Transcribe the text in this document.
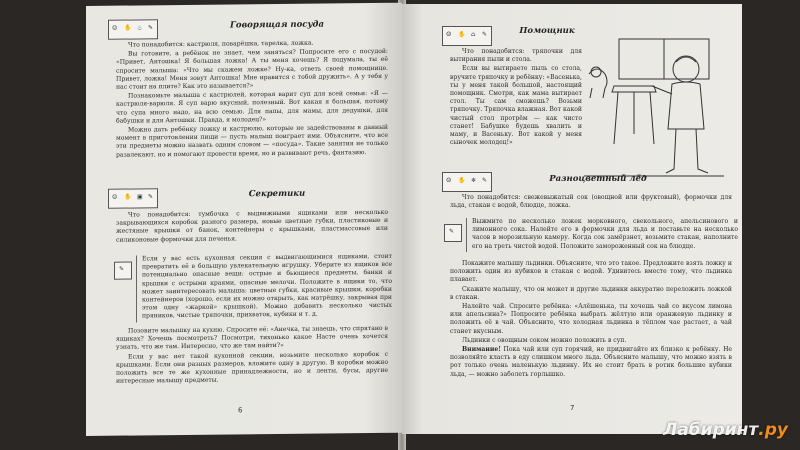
☺ ✋ ♨ ✎	Говорящая посуда

Что понадобится: кастрюля, поварёшка, тарелка, ложка.

Вы готовите, а ребёнок не знает, чем заняться? Попросите его с посудой: «Привет, Антошка! Я большая ложка! А ты меня хочешь? Я подумала, ты её спросите малыша: «Что мы скажем ложке? Ну-ка, ответь своей помощнице. Привет, ложка! Меня зовут Антошка! Мне нравится с тобой дружить». А у тебя у нас стоит на плите? Как это называется?»

Познакомьте малыша с кастрюлей, которая варит суп для всей семьи: «Я — кастрюля-варюля. Я суп варю вкусный, полезный. Вот какая я большая, потому что супа много надо, на всю семью. Для папы, для мамы, для дедушки, для бабушки и для Антошки. Правда, я молодец?»

Можно дать ребёнку ложку и кастрюлю, которые не задействованы в данный момент в приготовлении пищи — пусть малыш поиграет ими. Объясните, что все эти предметы можно назвать одним словом — «посуда». Такие занятия не только развлекают, но и помогают провести время, но и развивают речь, фантазию.

☺ ✋ ▣ ✎	Секретики

Что понадобится: тумбочка с выдвижными ящиками или несколько закрывающихся коробок разного размера, новые цветные губки, пластиковые и жестяные крышки от банок, контейнеры с крышками, пластмассовые или силиконовые формочки для печенья.

✎

Если у вас есть кухонная секция с выдвигающимися ящиками, стоит превратить её в большую увлекательную игрушку. Уберите из ящиков все потенциально опасные вещи: острые и бьющиеся предметы, банки и крышки с острыми краями, опасные мелочи. Положите в ящики то, что может заинтересовать малыша: цветные губки, красивые крышки, коробки контейнеров (хорошо, если их можно открыть, как матрёшку, закрывая при этом одну «жаркой» крышкой). Можно добавить несколько чистых пряников, чистые тряпочки, прихваток, кубики и т. д.

Позовите малышку на кухню. Спросите её: «Анечка, ты знаешь, что спрятано в ящиках? Хочешь посмотреть? Посмотри, тихонько какое Насте очень хочется узнать, что же там. Интересно, что же там найти?»

Если у вас нет такой кухонной секции, возьмите несколько коробок с крышками. Если они разных размеров, вложите одну в другую. В коробки можно положить все те же кухонные принадлежности, но и ленты, бусы, другие интересные малышу предметы.

6
☺ ✋ ⌂ ✎	Помощник

Что понадобится: тряпочки для вытирания пыли и стола.

Если вы вытираете пыль со стола, вручите тряпочку и ребёнку: «Васенька, ты у меня такой большой, настоящий помощник. Смотри, как мама вытирает стол. Ты сам сможешь? Возьми тряпочку. Тряпочка влажная. Вот какой чистый стол протрём — как чисто станет! Бабушке будешь хвалить и маму, и Васеньку. Вот какой у меня сыночек молодец!»

☺ ✋ ❄ ✎	Разноцветный лёд

Что понадобится: свежевыжатый сок (овощной или фруктовый), формочки для льда, стакан с водой, блюдце, ложка.

✎

Выжмите по несколько ложек морковного, свекольного, апельсинового и лимонного сока. Налейте его в формочки для льда и поставьте на несколько часов в морозильную камеру. Когда сок замёрзнет, возьмите стакан, наполните его на треть чистой водой. Положите замороженный сок на блюдце.

Покажите малышу льдинки. Объясните, что это такое. Предложите взять ложку и положить один из кубиков в стакан с водой. Удивитесь вместе тому, что льдинка плавает.

Скажите малышу, что он может и другие льдинки аккуратно переложить ложкой в стакан.

Налейте чай. Спросите ребёнка: «Алёшенька, ты хочешь чай со вкусом лимона или апельсина?» Попросите ребёнка выбрать жёлтую или оранжевую льдинку и положить её в чай. Объясните, что холодная льдинка в тёплом чае растает, а чай станет вкусным.

Льдинки с овощным соком можно положить в суп.

Внимание! Пока чай или суп горячий, не придвигайте их близко к ребёнку. Не позволяйте класть в еду слишком много льда. Объясните малышу, что можно взять в рот только очень маленькую льдинку. Их не стоит брать в ротик большие кубики льда, — можно заболеть горлышко.

7
Лабиринт.ру
